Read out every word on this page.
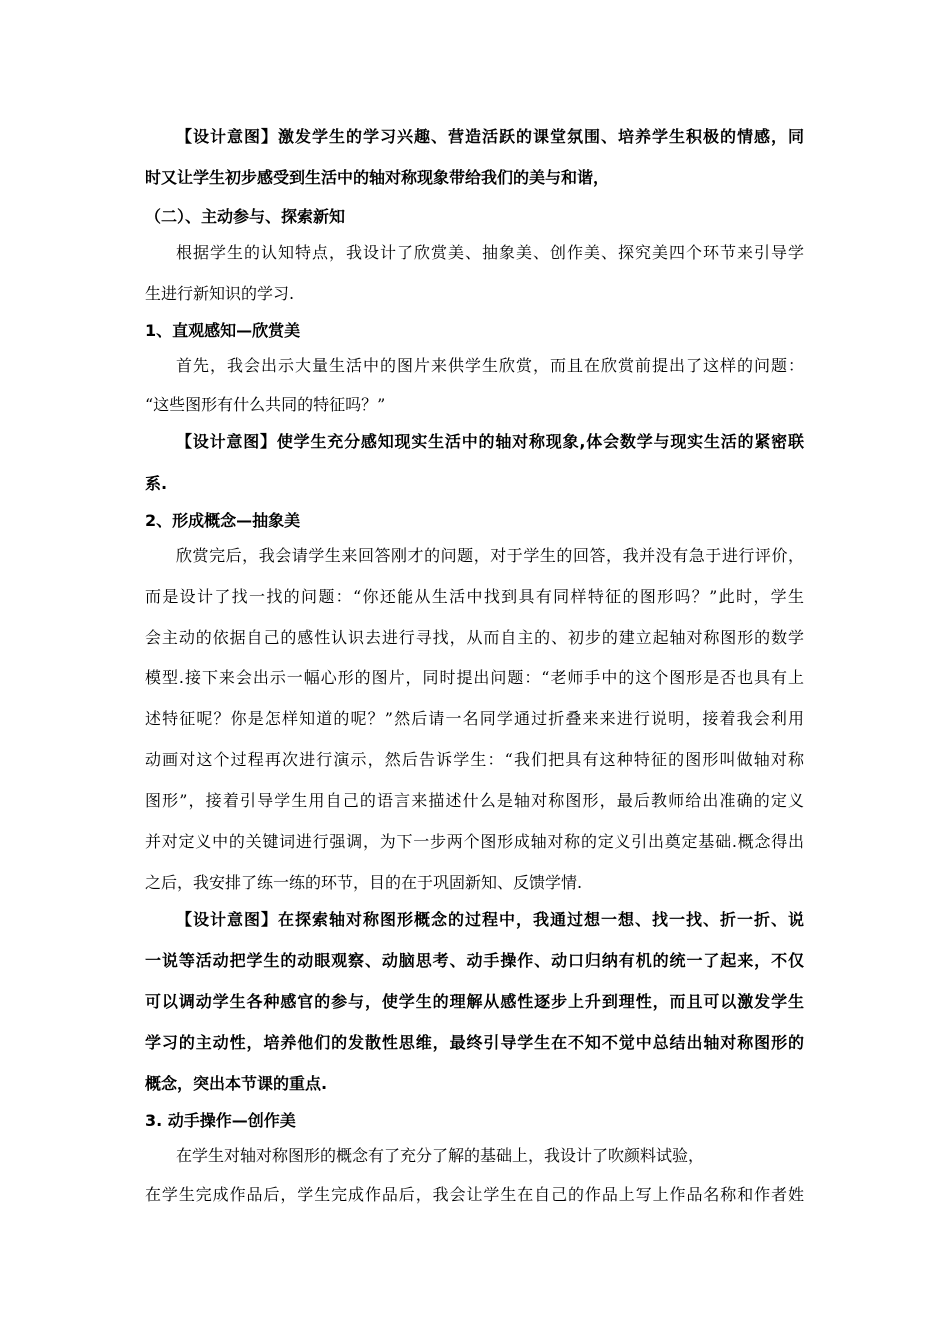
【设计意图】激发学生的学习兴趣、营造活跃的课堂氛围、培养学生积极的情感，同
时又让学生初步感受到生活中的轴对称现象带给我们的美与和谐，
（二）、主动参与、探索新知
根据学生的认知特点，我设计了欣赏美、抽象美、创作美、探究美四个环节来引导学
生进行新知识的学习.
1、直观感知—欣赏美
首先，我会出示大量生活中的图片来供学生欣赏，而且在欣赏前提出了这样的问题：
“这些图形有什么共同的特征吗？”
【设计意图】使学生充分感知现实生活中的轴对称现象,体会数学与现实生活的紧密联
系.
2、形成概念—抽象美
欣赏完后，我会请学生来回答刚才的问题，对于学生的回答，我并没有急于进行评价，
而是设计了找一找的问题：“你还能从生活中找到具有同样特征的图形吗？”此时，学生
会主动的依据自己的感性认识去进行寻找，从而自主的、初步的建立起轴对称图形的数学
模型.接下来会出示一幅心形的图片，同时提出问题：“老师手中的这个图形是否也具有上
述特征呢？你是怎样知道的呢？”然后请一名同学通过折叠来来进行说明，接着我会利用
动画对这个过程再次进行演示，然后告诉学生：“我们把具有这种特征的图形叫做轴对称
图形”，接着引导学生用自己的语言来描述什么是轴对称图形，最后教师给出准确的定义
并对定义中的关键词进行强调，为下一步两个图形成轴对称的定义引出奠定基础.概念得出
之后，我安排了练一练的环节，目的在于巩固新知、反馈学情.
【设计意图】在探索轴对称图形概念的过程中，我通过想一想、找一找、折一折、说
一说等活动把学生的动眼观察、动脑思考、动手操作、动口归纳有机的统一了起来，不仅
可以调动学生各种感官的参与，使学生的理解从感性逐步上升到理性，而且可以激发学生
学习的主动性，培养他们的发散性思维，最终引导学生在不知不觉中总结出轴对称图形的
概念，突出本节课的重点.
3. 动手操作—创作美
在学生对轴对称图形的概念有了充分了解的基础上，我设计了吹颜料试验，
在学生完成作品后，学生完成作品后，我会让学生在自己的作品上写上作品名称和作者姓
